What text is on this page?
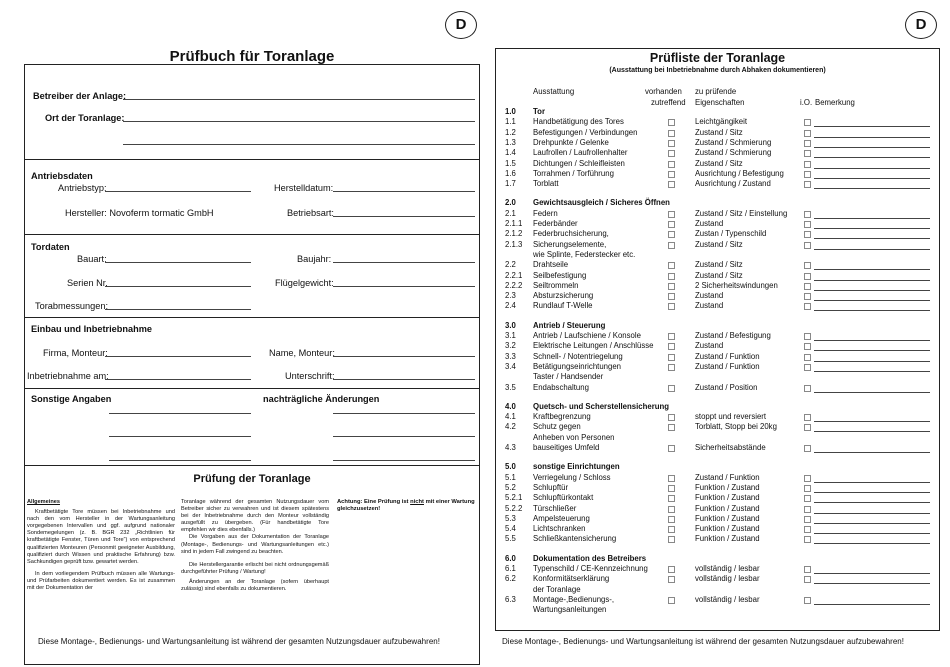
D	D
Prüfbuch für Toranlage
Betreiber der Anlage:
Ort der Toranlage:
Antriebsdaten
Antriebstyp:	Herstelldatum:
Hersteller: Novoferm tormatic GmbH	Betriebsart:
Tordaten
Bauart:	Baujahr:
Serien Nr.	Flügelgewicht:
Torabmessungen:
Einbau und Inbetriebnahme
Firma, Monteur:	Name, Monteur:
Inbetriebnahme am:	Unterschrift:
Sonstige Angaben	nachträgliche Änderungen
Prüfung der Toranlage
Allgemeines

Kraftbetätigte Tore müssen bei Inbetriebnahme und nach den vom Hersteller in der Wartungsanleitung vorgegebenen Intervallen und ggf. aufgrund nationaler Sondemegelungen (z. B. BGR 232 „Richtlinien für kraftbetätigte Fenster, Türen und Tore“) von entsprechend qualifizierten Monteuren (Personmit geeigneter Ausbildung, qualifiziert durch Wissen und praktische Erfahrung) bzw. Sachkundigen geprüft bzw. gewartet werden.

In dem vorliegendem Prüfbuch müssen alle Wartungs- und Prüfarbeiten dokumentiert werden. Es ist zusammen mit der Dokumentation der

Toranlage während der gesamten Nutzungsdauer vom Betreiber sicher zu verwahren und ist diesem spätestens bei der Inbetriebnahme durch den Monteur vollständig ausgefüllt zu übergeben. (Für handbetätigte Tore empfehlen wir dies ebenfalls.)

Die Vorgaben aus der Dokumentation der Toranlage (Montage-, Bedienungs- und Wartungsanleitungen etc.) sind in jedem Fall zwingend zu beachten.

Die Herstellergarantie erlischt bei nicht ordnungsgemäß durchgeführter Prüfung / Wartung!

Änderungen an der Toranlage (sofern überhaupt zulässig) sind ebenfalls zu dokumentieren.

Achtung: Eine Prüfung ist nicht mit einer Wartung gleichzusetzen!
Diese Montage-, Bedienungs- und Wartungsanleitung ist während der gesamten Nutzungsdauer aufzubewahren!
Prüfliste der Toranlage
(Ausstattung bei Inbetriebnahme durch Abhaken dokumentieren)
Ausstattung	vorhanden
zutreffend
zu prüfende
Eigenschaften	i.O. Bemerkung
1.0 Tor
1.1 Handbetätigung des Tores	Leichtgängikeit
1.2 Befestigungen / Verbindungen	Zustand / Sitz
1.3 Drehpunkte / Gelenke	Zustand / Schmierung
1.4 Laufrollen / Laufrollenhalter	Zustand / Schmierung
1.5 Dichtungen / Schleifleisten	Zustand / Sitz
1.6 Torrahmen / Torführung	Ausrichtung / Befestigung
1.7 Torblatt	Ausrichtung / Zustand
2.0 Gewichtsausgleich / Sicheres Öffnen
2.1 Federn	Zustand / Sitz / Einstellung
2.1.1 Federbänder	Zustand
2.1.2 Federbruchsicherung,	Zustan / Typenschild
2.1.3 Sicherungselemente,	Zustand / Sitz
wie Splinte, Federstecker etc.
2.2 Drahtseile	Zustand / Sitz
2.2.1 Seilbefestigung	Zustand / Sitz
2.2.2 Seiltrommeln	2 Sicherheitswindungen
2.3 Absturzsicherung	Zustand
2.4 Rundlauf T-Welle	Zustand
3.0 Antrieb / Steuerung
3.1 Antrieb / Laufschiene / Konsole	Zustand / Befestigung
3.2 Elektrische Leitungen / Anschlüsse	Zustand
3.3 Schnell- / Notentriegelung	Zustand / Funktion
3.4 Betätigungseinrichtungen	Zustand / Funktion
Taster / Handsender
3.5 Endabschaltung	Zustand / Position
4.0 Quetsch- und Scherstellensicherung
4.1 Kraftbegrenzung	stoppt und reversiert
4.2 Schutz gegen	Torblatt, Stopp bei 20kg
Anheben von Personen
4.3 bauseitiges Umfeld	Sicherheitsabstände
5.0 sonstige Einrichtungen
5.1 Verriegelung / Schloss	Zustand / Funktion
5.2 Schlupftür	Funktion / Zustand
5.2.1 Schlupftürkontakt	Funktion / Zustand
5.2.2 Türschließer	Funktion / Zustand
5.3 Ampelsteuerung	Funktion / Zustand
5.4 Lichtschranken	Funktion / Zustand
5.5 Schließkantensicherung	Funktion / Zustand
6.0 Dokumentation des Betreibers
6.1 Typenschild / CE-Kennzeichnung	vollständig / lesbar
6.2 Konformitätserklärung	vollständig / lesbar
der Toranlage
6.3 Montage-,Bedienungs-,	vollständig / lesbar
Wartungsanleitungen
Diese Montage-, Bedienungs- und Wartungsanleitung ist während der gesamten Nutzungsdauer aufzubewahren!
